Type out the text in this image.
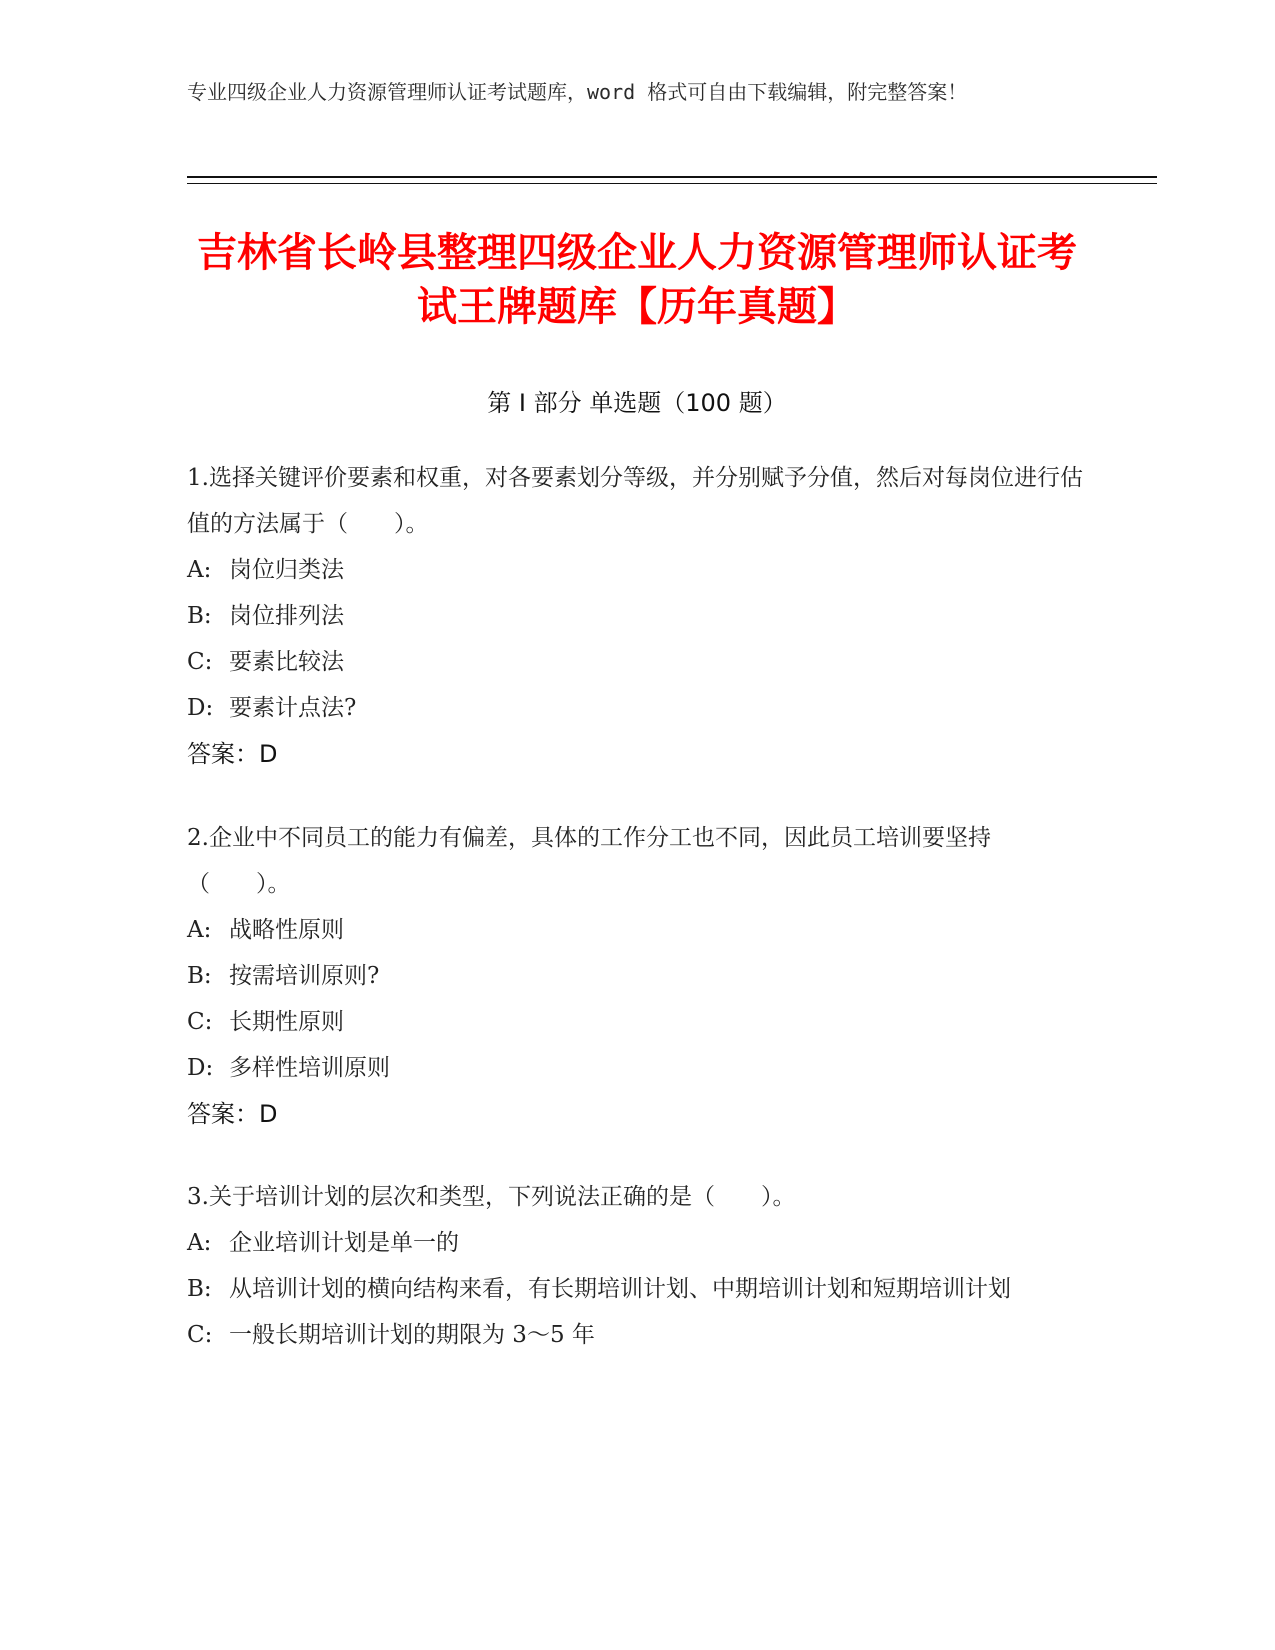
专业四级企业人力资源管理师认证考试题库，word 格式可自由下载编辑，附完整答案！
吉林省长岭县整理四级企业人力资源管理师认证考试王牌题库【历年真题】
第 I 部分 单选题（100 题）
1.选择关键评价要素和权重，对各要素划分等级，并分别赋予分值，然后对每岗位进行估值的方法属于（　　）。
A: 岗位归类法
B: 岗位排列法
C: 要素比较法
D: 要素计点法?
答案：D
2.企业中不同员工的能力有偏差，具体的工作分工也不同，因此员工培训要坚持（　　）。
A: 战略性原则
B: 按需培训原则?
C: 长期性原则
D: 多样性培训原则
答案：D
3.关于培训计划的层次和类型，下列说法正确的是（　　）。
A: 企业培训计划是单一的
B: 从培训计划的横向结构来看，有长期培训计划、中期培训计划和短期培训计划
C: 一般长期培训计划的期限为 3～5 年
